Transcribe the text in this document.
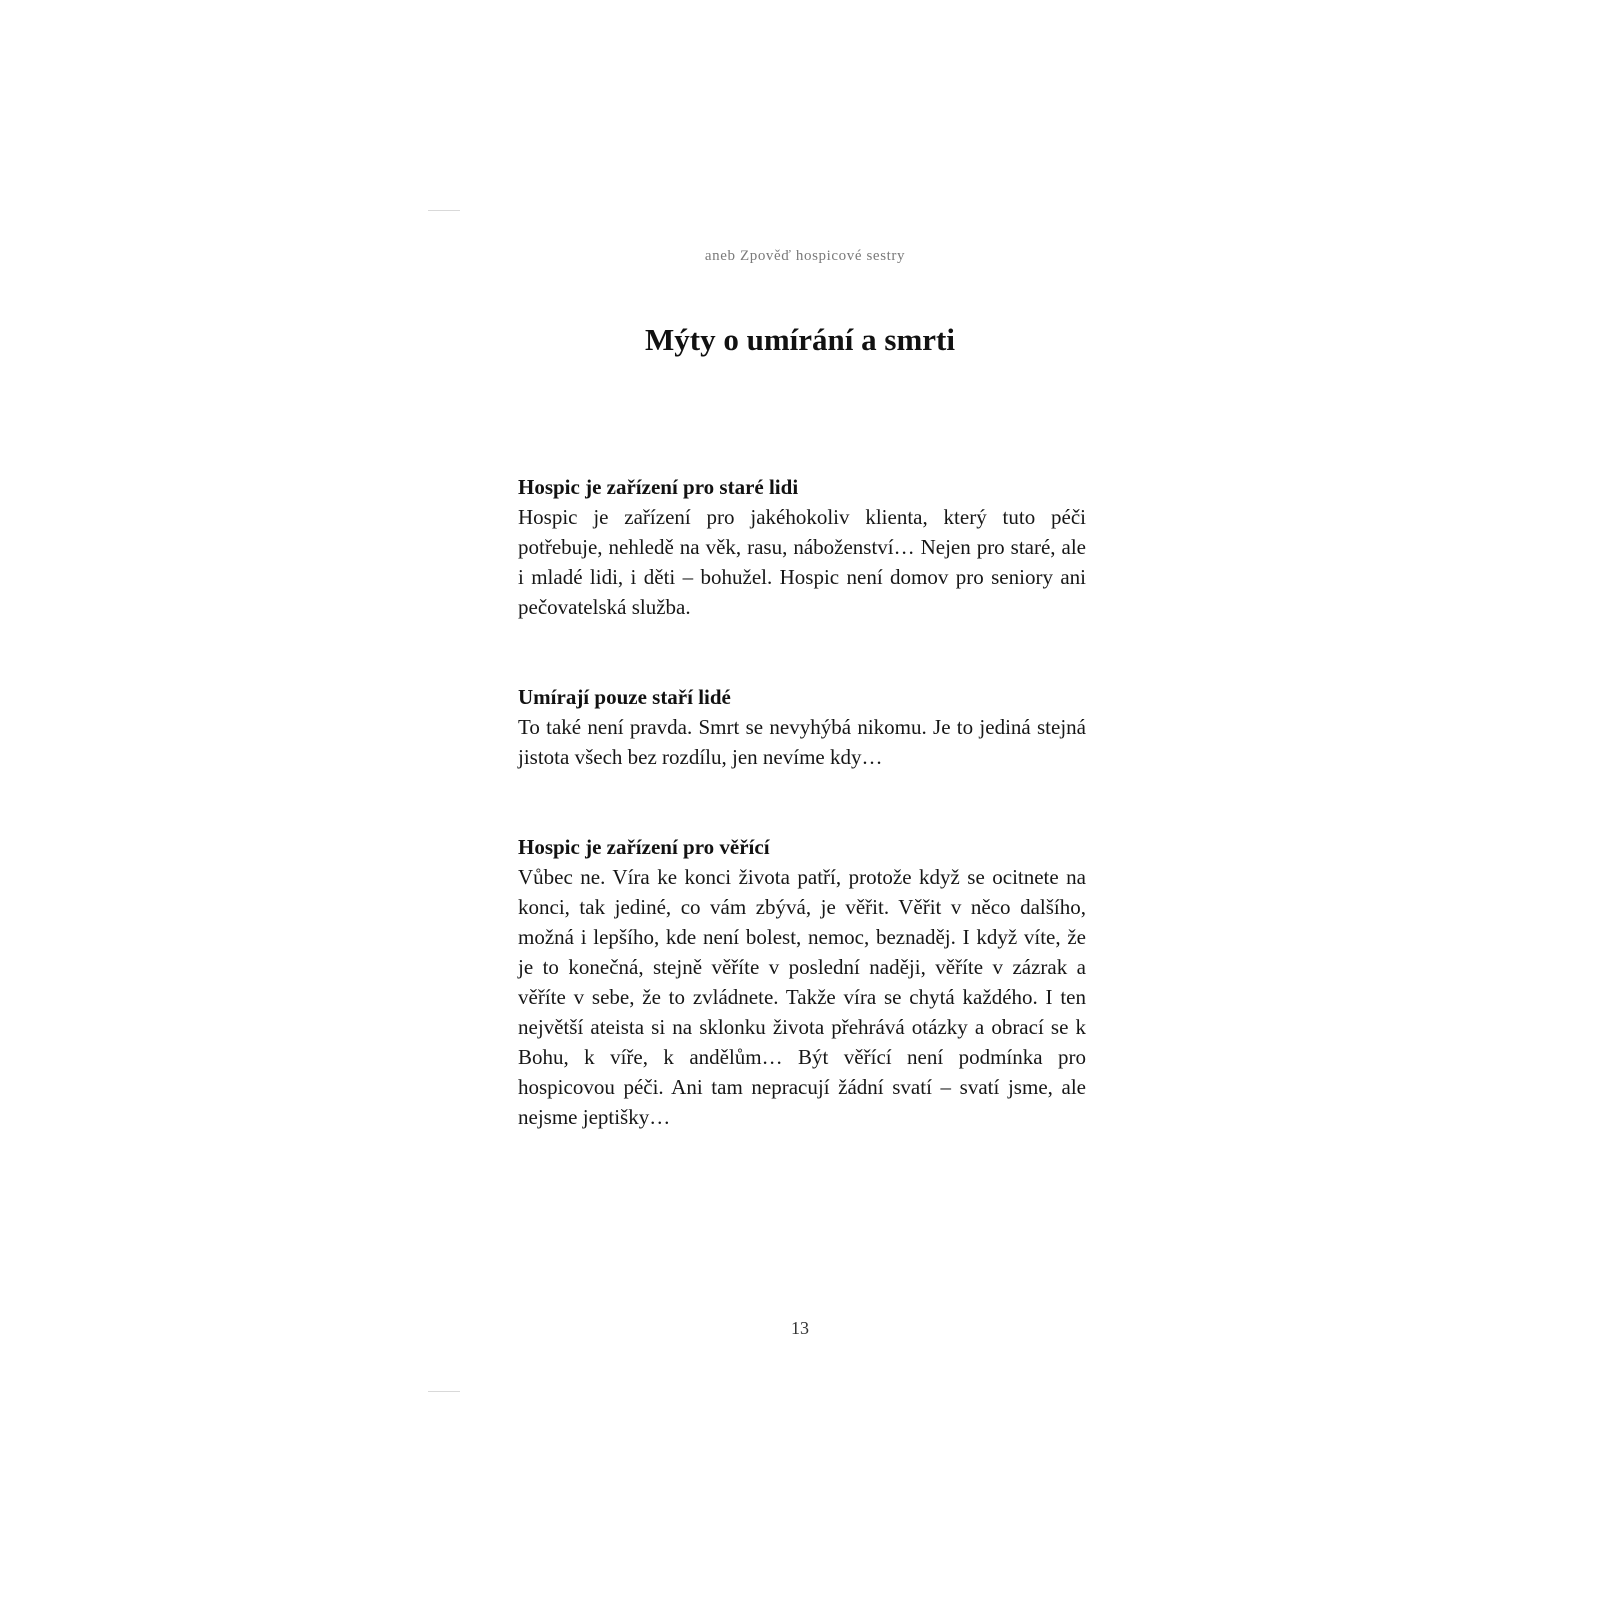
aneb Zpověď hospicové sestry
Mýty o umírání a smrti

Hospic je zařízení pro staré lidi

Hospic je zařízení pro jakéhokoliv klienta, který tuto péči potřebuje, nehledě na věk, rasu, náboženství… Nejen pro staré, ale i mladé lidi, i děti – bohužel. Hospic není domov pro seniory ani pečovatelská služba.

Umírají pouze staří lidé

To také není pravda. Smrt se nevyhýbá nikomu. Je to jediná stejná jistota všech bez rozdílu, jen nevíme kdy…

Hospic je zařízení pro věřící

Vůbec ne. Víra ke konci života patří, protože když se ocitnete na konci, tak jediné, co vám zbývá, je věřit. Věřit v něco dalšího, možná i lepšího, kde není bolest, nemoc, beznaděj. I když víte, že je to konečná, stejně věříte v poslední naději, věříte v zázrak a věříte v sebe, že to zvládnete. Takže víra se chytá každého. I ten největší ateista si na sklonku života přehrává otázky a obrací se k Bohu, k víře, k andělům… Být věřící není podmínka pro hospicovou péči. Ani tam nepracují žádní svatí – svatí jsme, ale nejsme jeptišky…

13
